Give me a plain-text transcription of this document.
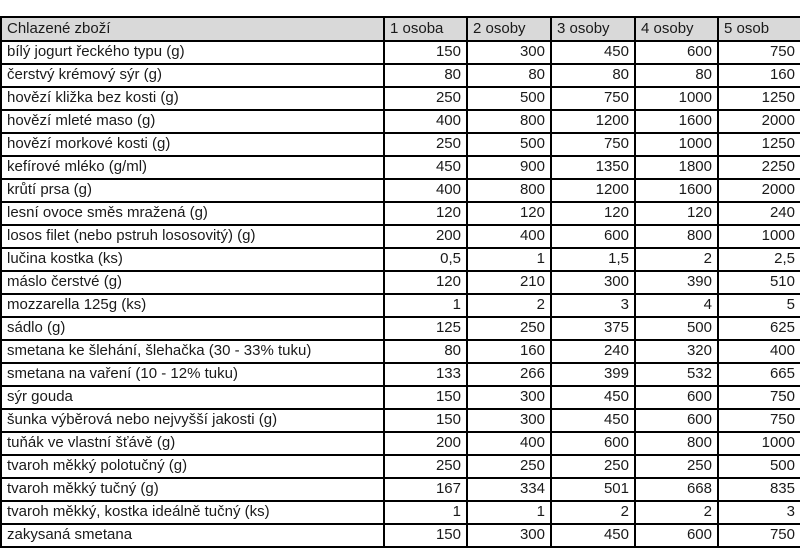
Chlazené zboží	1 osoba	2 osoby	3 osoby	4 osoby	5 osob
bílý jogurt řeckého typu (g)	150	300	450	600	750
čerstvý krémový sýr (g)	80	80	80	80	160
hovězí kližka bez kosti (g)	250	500	750	1000	1250
hovězí mleté maso (g)	400	800	1200	1600	2000
hovězí morkové kosti (g)	250	500	750	1000	1250
kefírové mléko (g/ml)	450	900	1350	1800	2250
krůtí prsa (g)	400	800	1200	1600	2000
lesní ovoce směs mražená (g)	120	120	120	120	240
losos filet (nebo pstruh lososovitý) (g)	200	400	600	800	1000
lučina kostka (ks)	0,5	1	1,5	2	2,5
máslo čerstvé (g)	120	210	300	390	510
mozzarella 125g (ks)	1	2	3	4	5
sádlo (g)	125	250	375	500	625
smetana ke šlehání, šlehačka (30 - 33% tuku)	80	160	240	320	400
smetana na vaření (10 - 12% tuku)	133	266	399	532	665
sýr gouda	150	300	450	600	750
šunka výběrová nebo nejvyšší jakosti (g)	150	300	450	600	750
tuňák ve vlastní šťávě (g)	200	400	600	800	1000
tvaroh měkký polotučný (g)	250	250	250	250	500
tvaroh měkký tučný (g)	167	334	501	668	835
tvaroh měkký, kostka ideálně tučný (ks)	1	1	2	2	3
zakysaná smetana	150	300	450	600	750
